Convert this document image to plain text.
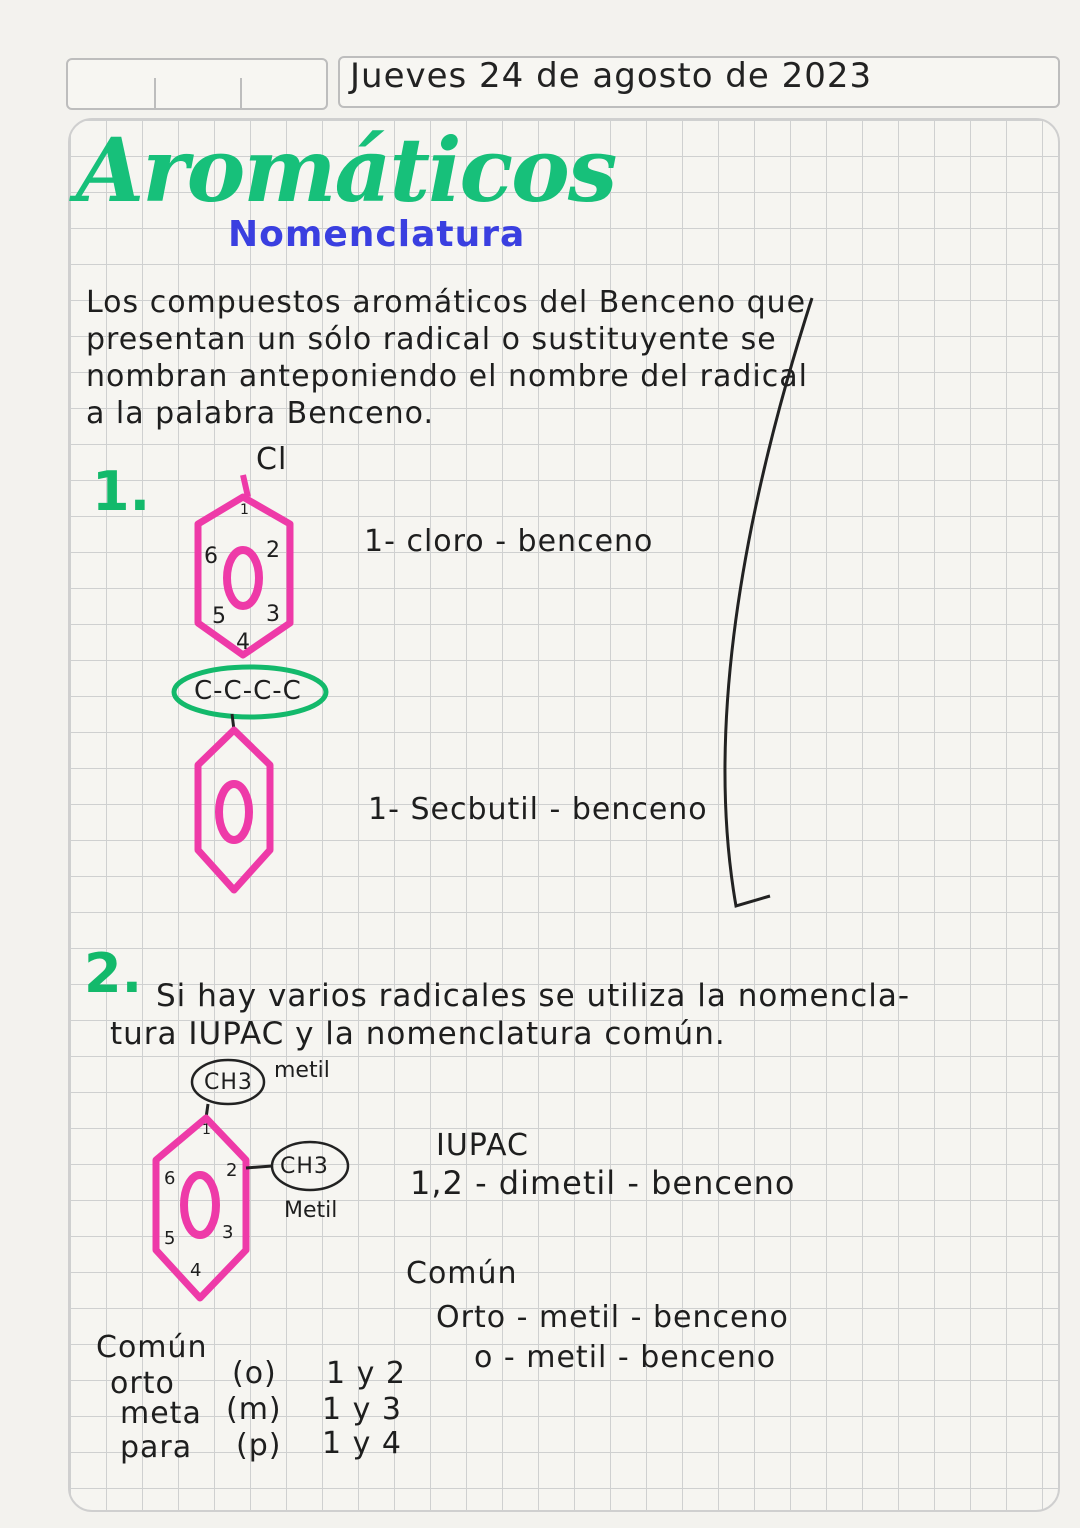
Jueves 24 de agosto de 2023
Aromáticos
Nomenclatura
Los compuestos aromáticos del Benceno que
presentan un sólo radical o sustituyente se
nombran anteponiendo el nombre del radical
a la palabra Benceno.
1.
Cl
1
2
3
4
5
6	1- cloro - benceno
C-C-C-C
1- Secbutil - benceno
2. Si hay varios radicales se utiliza la nomencla-
tura IUPAC y la nomenclatura común.
CH3 metil
CH3
Metil
1
2
3
4
5
6
IUPAC
1,2 - dimetil - benceno
Común
Orto - metil - benceno
o - metil - benceno
Común
orto (o) 1 y 2
meta (m) 1 y 3
para (p) 1 y 4
